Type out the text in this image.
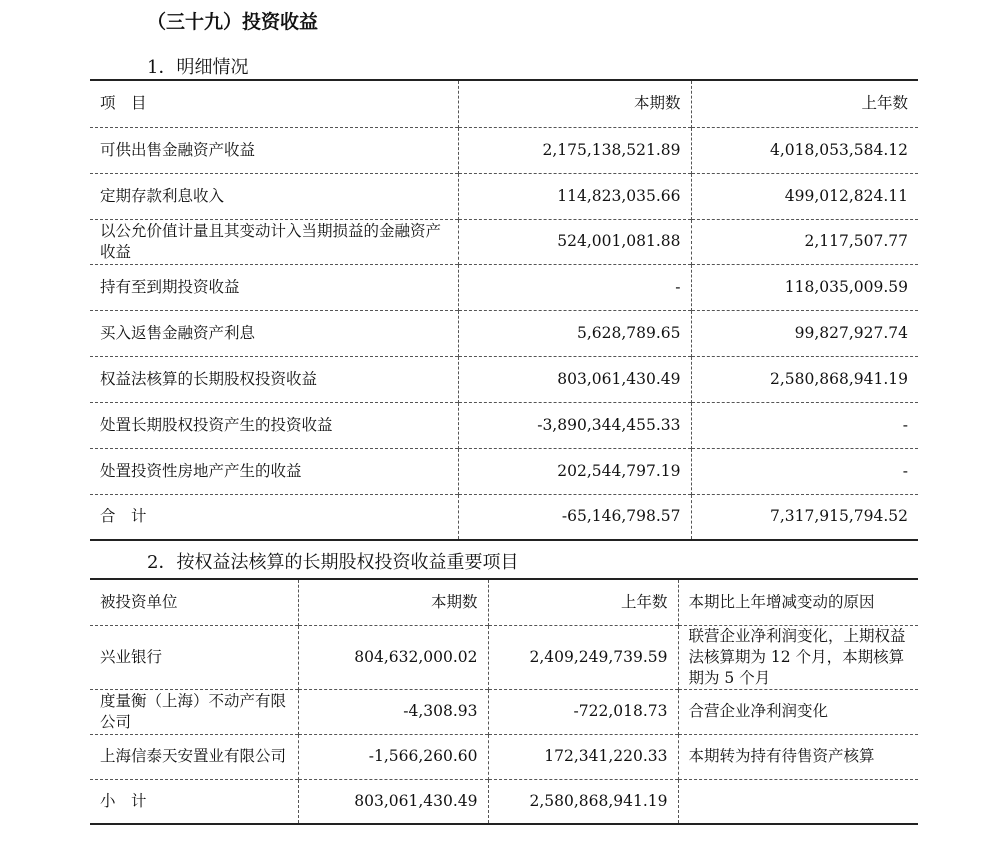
（三十九）投资收益
1．明细情况
项　目	本期数	上年数
可供出售金融资产收益	2,175,138,521.89	4,018,053,584.12
定期存款利息收入	114,823,035.66	499,012,824.11
以公允价值计量且其变动计入当期损益的金融资产收益	524,001,081.88	2,117,507.77
持有至到期投资收益	-	118,035,009.59
买入返售金融资产利息	5,628,789.65	99,827,927.74
权益法核算的长期股权投资收益	803,061,430.49	2,580,868,941.19
处置长期股权投资产生的投资收益	-3,890,344,455.33	-
处置投资性房地产产生的收益	202,544,797.19	-
合　计	-65,146,798.57	7,317,915,794.52
2．按权益法核算的长期股权投资收益重要项目
被投资单位	本期数	上年数	本期比上年增减变动的原因
兴业银行	804,632,000.02	2,409,249,739.59	联营企业净利润变化，上期权益法核算期为 12 个月，本期核算期为 5 个月
度量衡（上海）不动产有限公司	-4,308.93	-722,018.73	合营企业净利润变化
上海信泰天安置业有限公司	-1,566,260.60	172,341,220.33	本期转为持有待售资产核算
小　计	803,061,430.49	2,580,868,941.19	
